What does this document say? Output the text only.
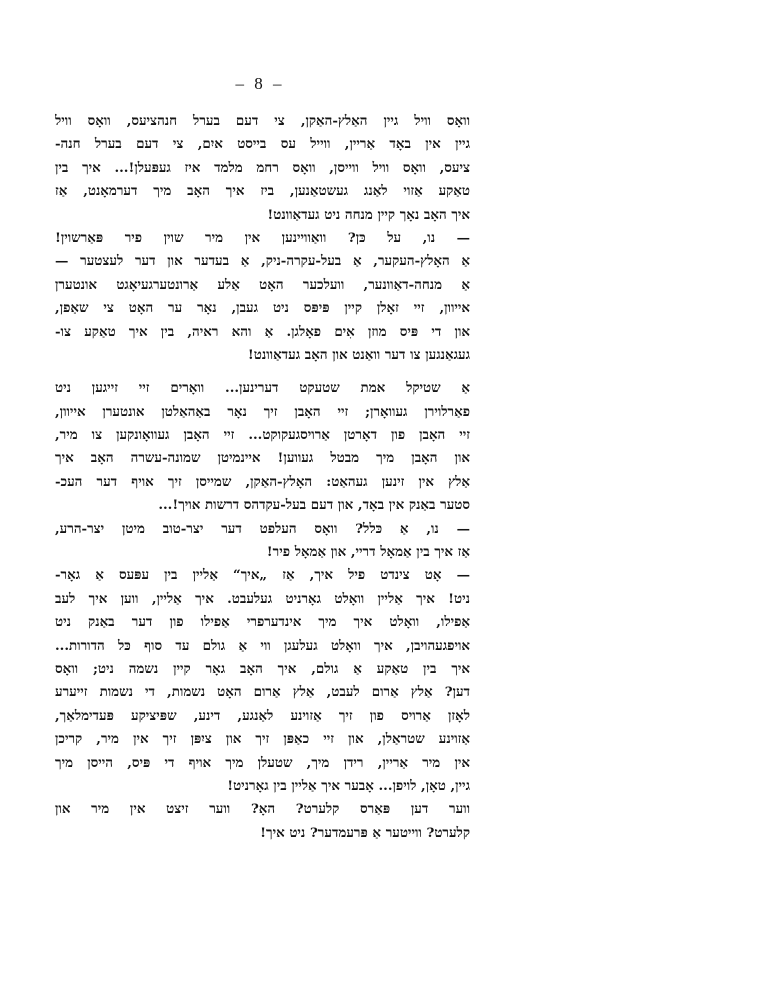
– 8 –
וואָס וויל גיין האַלץ-האַקן, צי דעם בערל חנהציעס, וואָס וויל
גיין אין באָד אַריין, ווייל עס בייסט איִם, צי דעם בערל חנה-
ציעס, וואָס וויל ווייסן, וואָס רחמ מלמד איז געפּעלן!... איך בין
טאַקע אַזוי לאַנג געשטאַנען, ביז איך האָב מיך דערמאָנט, אַז
איך האָב נאָך קיין מנחה ניט געדאַוונט!
— נו, על כּן? וואַוויינען אין מיר שוין פיר פּאַרשוין!
אַ האָלץ-העקער, אַ בעל-עקרה-ניק, אַ בעדער און דער לעצטער —
אַ מנחה-דאַוונער, וועלכער האָט אַלע אַרונטערגעיאָגט אונטערן
אייוון, זיי זאָלן קיין פּיפּס ניט געבן, נאָר ער האָט צי שאַפן,
און די פּיס מוזן אִים פאָלגן. אַ והא ראיה, בין איך טאַקע צו-
געגאַנגען צו דער וואַנט און האָב געדאַוונט!
אַ שטיקל אמת שטעקט דערינען... וואָרים זיי זייגען ניט
פאַרלוירן געוואָרן; זיי האָבן זיך נאָר באַהאַלטן אונטערן אייוון,
זיי האָבן פון דאָרטן אַרויסגעקוקט... זיי האָבן געוואָונקען צו מיר,
און האָבן מיך מבטל געווען! איינמיטן שמונה-עשרה האָב איך
אַלץ אין זינען געהאַט: האָלץ-האַקן, שמייסן זיך אויף דער העכ-
סטער באַנק אין באָד, און דעם בעל-עקדהס דרשות אויך!...
— נו, אַ כּלל? וואָס העלפט דער יצר-טוב מיטן יצר-הרע,
אַז איך בין אַמאָל דריי, און אַמאָל פיר!
— אָט צינדט פיל איך, אַז „איך“ אַליין בין עפּעס אַ גאָר-
ניט! איך אַליין וואָלט גאָרניט געלעבט. איך אַליין, ווען איך לעב
אַפילו, וואָלט איך מיך אינדערפרי אַפילו פון דער באַנק ניט
אויפגעהויבן, איך וואָלט געלעגן ווי אַ גולם עד סוף כּל הדורות...
איך בין טאַקע אַ גולם, איך האָב גאָר קיין נשמה ניט; וואָס
דען? אַלץ אַרום לעבט, אַלץ אַרום האָט נשמות, די נשמות זייערע
לאָזן אַרויס פון זיך אַזוינע לאַנגע, דינע, שפּיציקע פּעדימלאַך,
אַזוינע שטראַלן, און זיי כאַפּן זיך און ציִפּן זיך אין מיר, קריכן
אין מיר אַריין, רידן מיך, שטעלן מיך אויף די פּיס, הייסן מיך
גיין, טאָן, לויפן... אָבער איך אַליין בין גאָרניט!
ווער דען פּאַרס קלערט? האָ? ווער זיצט אין מיר און
קלערט? ווייטער אַ פּרעמדער? ניט איך!
